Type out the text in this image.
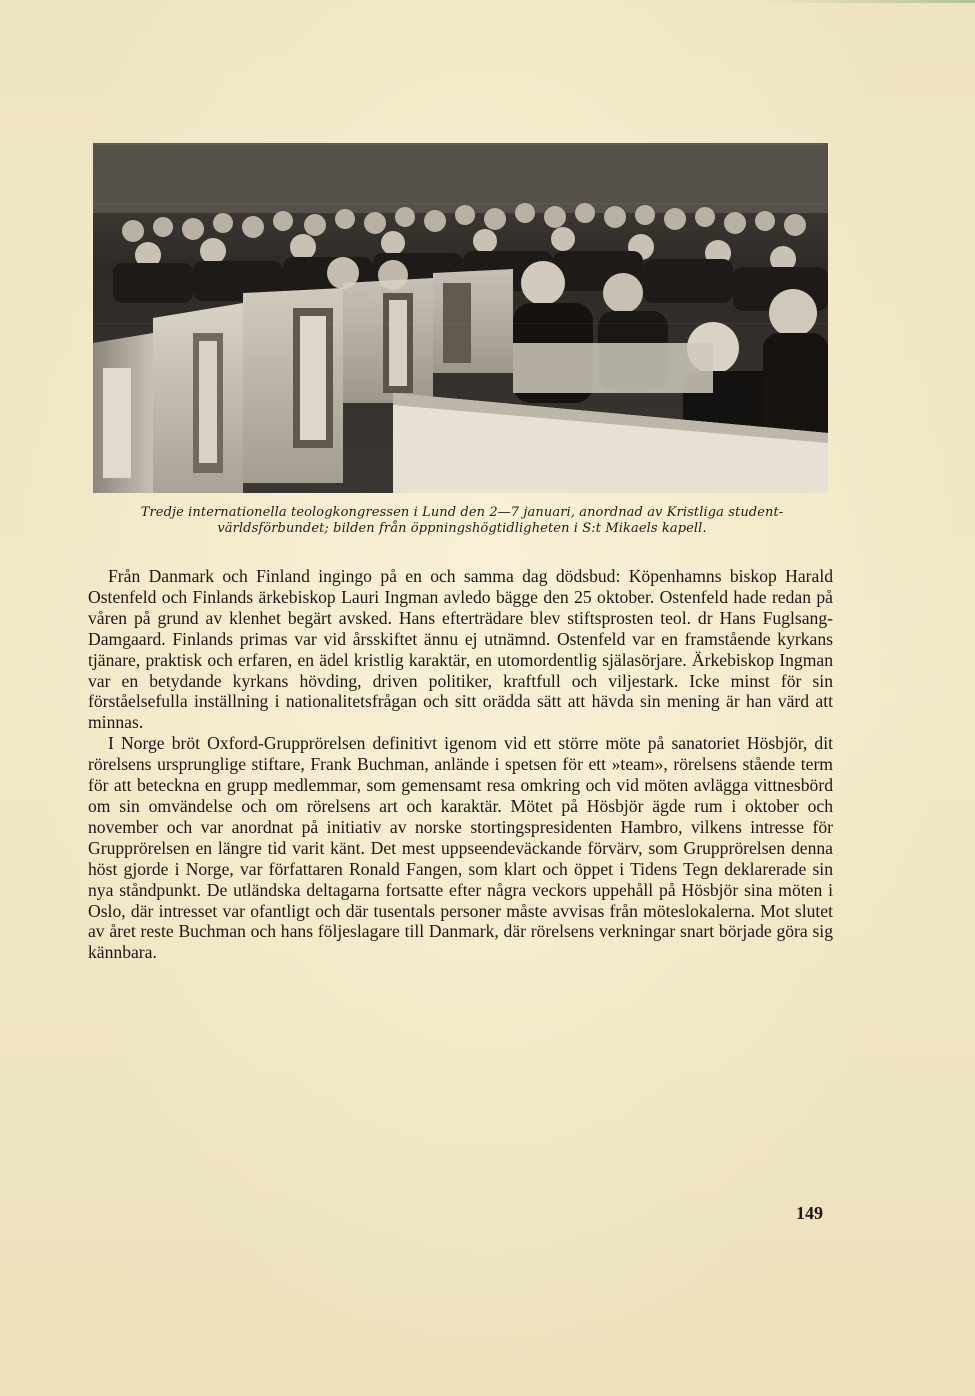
Tredje internationella teologkongressen i Lund den 2—7 januari, anordnad av Kristliga student-
världsförbundet; bilden från öppningshögtidligheten i S:t Mikaels kapell.

Från Danmark och Finland ingingo på en och samma dag dödsbud: Köpenhamns biskop Harald Ostenfeld och Finlands ärkebiskop Lauri Ingman avledo bägge den 25 oktober. Ostenfeld hade redan på våren på grund av klenhet begärt avsked. Hans efterträdare blev stiftsprosten teol. dr Hans Fuglsang-Damgaard. Finlands primas var vid årsskiftet ännu ej utnämnd. Ostenfeld var en framstående kyrkans tjänare, praktisk och erfaren, en ädel kristlig karaktär, en utomordentlig själasörjare. Ärkebiskop Ingman var en betydande kyrkans hövding, driven politiker, kraftfull och viljestark. Icke minst för sin förståelsefulla inställning i nationalitetsfrågan och sitt orädda sätt att hävda sin mening är han värd att minnas.

I Norge bröt Oxford-Grupprörelsen definitivt igenom vid ett större möte på sanatoriet Hösbjör, dit rörelsens ursprunglige stiftare, Frank Buchman, anlände i spetsen för ett »team», rörelsens stående term för att beteckna en grupp medlemmar, som gemensamt resa omkring och vid möten avlägga vittnesbörd om sin omvändelse och om rörelsens art och karaktär. Mötet på Hösbjör ägde rum i oktober och november och var anordnat på initiativ av norske stortingspresidenten Hambro, vilkens intresse för Grupprörelsen en längre tid varit känt. Det mest uppseendeväckande förvärv, som Grupprörelsen denna höst gjorde i Norge, var författaren Ronald Fangen, som klart och öppet i Tidens Tegn deklarerade sin nya ståndpunkt. De utländska deltagarna fortsatte efter några veckors uppehåll på Hösbjör sina möten i Oslo, där intresset var ofantligt och där tusentals personer måste avvisas från möteslokalerna. Mot slutet av året reste Buchman och hans följeslagare till Danmark, där rörelsens verkningar snart började göra sig kännbara.

149
